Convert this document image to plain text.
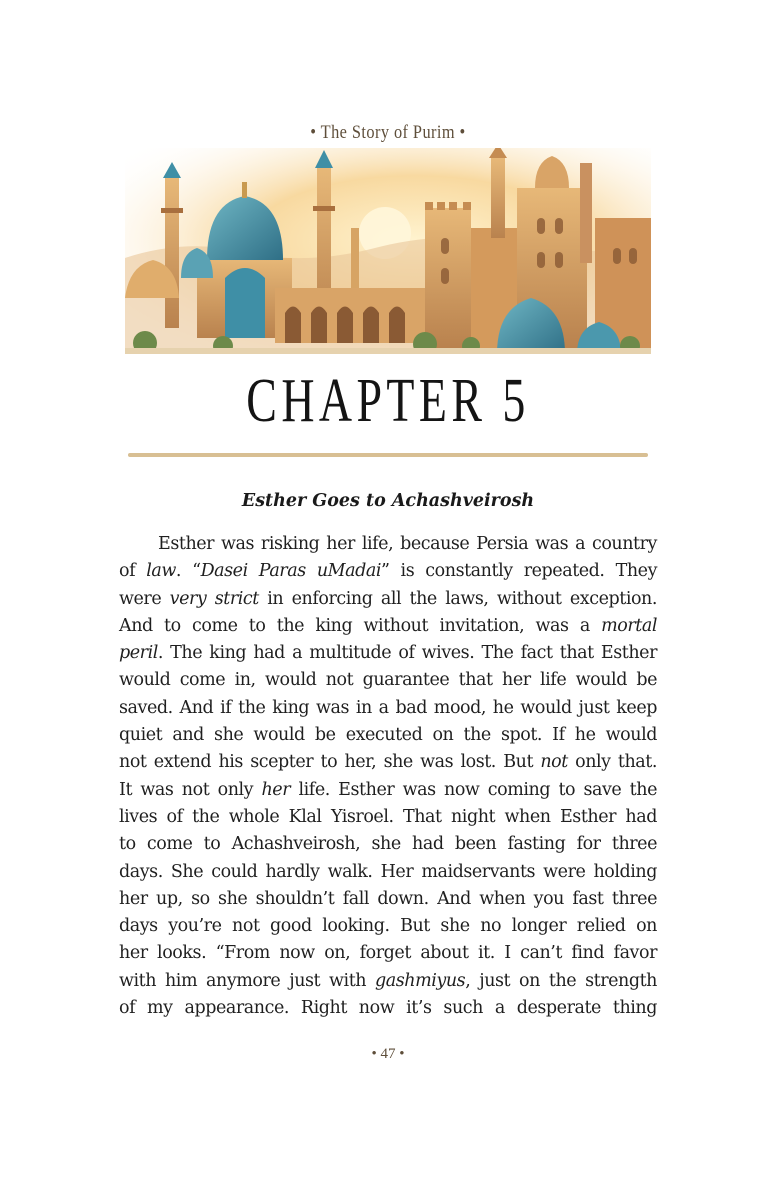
• The Story of Purim •
CHAPTER 5
Esther Goes to Achashveirosh
Esther was risking her life, because Persia was a country
of law. “Dasei Paras uMadai” is constantly repeated. They
were very strict in enforcing all the laws, without exception.
And to come to the king without invitation, was a mortal
peril. The king had a multitude of wives. The fact that Esther
would come in, would not guarantee that her life would be
saved. And if the king was in a bad mood, he would just keep
quiet and she would be executed on the spot. If he would
not extend his scepter to her, she was lost. But not only that.
It was not only her life. Esther was now coming to save the
lives of the whole Klal Yisroel. That night when Esther had
to come to Achashveirosh, she had been fasting for three
days. She could hardly walk. Her maidservants were holding
her up, so she shouldn’t fall down. And when you fast three
days you’re not good looking. But she no longer relied on
her looks. “From now on, forget about it. I can’t find favor
with him anymore just with gashmiyus, just on the strength
of my appearance. Right now it’s such a desperate thing
• 47 •
